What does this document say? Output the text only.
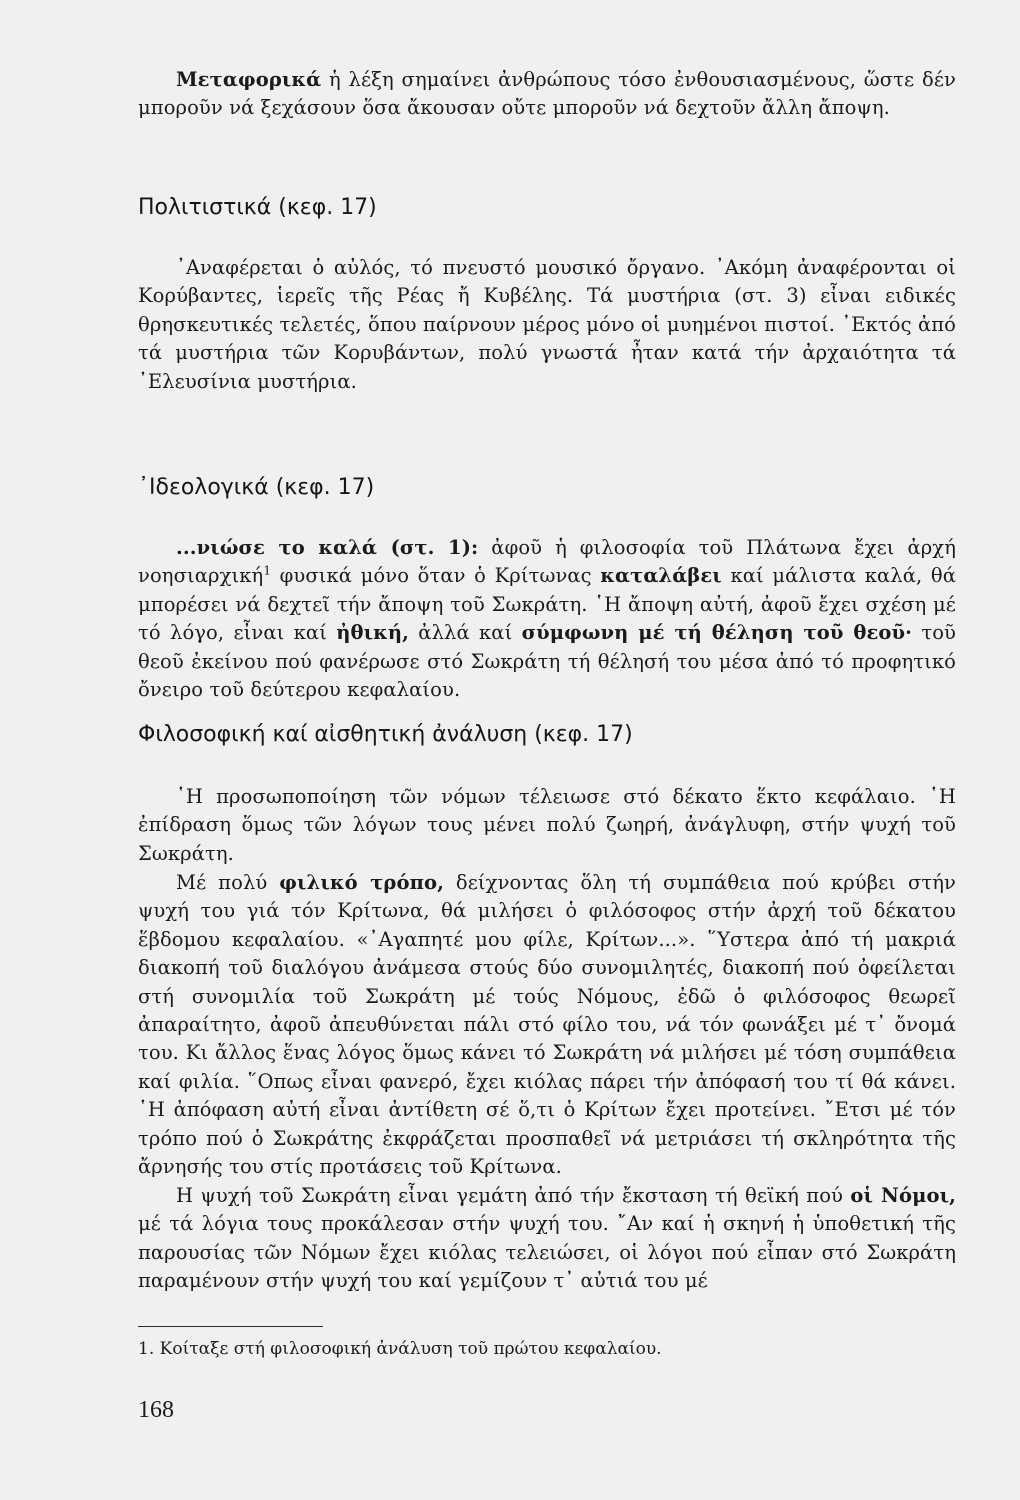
Μεταφορικά ἡ λέξη σημαίνει ἀνθρώπους τόσο ἐνθουσιασμένους, ὥστε δέν μποροῦν νά ξεχάσουν ὅσα ἄκουσαν οὔτε μποροῦν νά δεχτοῦν ἄλλη ἄποψη.

Πολιτιστικά (κεφ. 17)

᾿Αναφέρεται ὁ αὐλός, τό πνευστό μουσικό ὄργανο. ᾿Ακόμη ἀναφέρονται οἱ Κορύβαντες, ἱερεῖς τῆς Ρέας ἤ Κυβέλης. Τά μυστήρια (στ. 3) εἶναι ειδικές θρησκευτικές τελετές, ὅπου παίρνουν μέρος μόνο οἱ μυημένοι πιστοί. ᾿Εκτός ἀπό τά μυστήρια τῶν Κορυβάντων, πολύ γνωστά ἦταν κατά τήν ἀρχαιότητα τά ᾿Ελευσίνια μυστήρια.

᾿Ιδεολογικά (κεφ. 17)

...νιώσε το καλά (στ. 1): ἀφοῦ ἡ φιλοσοφία τοῦ Πλάτωνα ἔχει ἀρχή νοησιαρχική$^1$ φυσικά μόνο ὅταν ὁ Κρίτωνας καταλάβει καί μάλιστα καλά, θά μπορέσει νά δεχτεῖ τήν ἄποψη τοῦ Σωκράτη. ῾Η ἄποψη αὐτή, ἀφοῦ ἔχει σχέση μέ τό λόγο, εἶναι καί ἠθική, ἀλλά καί σύμφωνη μέ τή θέληση τοῦ θεοῦ· τοῦ θεοῦ ἐκείνου πού φανέρωσε στό Σωκράτη τή θέλησή του μέσα ἀπό τό προφητικό ὄνειρο τοῦ δεύτερου κεφαλαίου.

Φιλοσοφική καί αἰσθητική ἀνάλυση (κεφ. 17)

῾Η προσωποποίηση τῶν νόμων τέλειωσε στό δέκατο ἕκτο κεφάλαιο. ῾Η ἐπίδραση ὅμως τῶν λόγων τους μένει πολύ ζωηρή, ἀνάγλυφη, στήν ψυχή τοῦ Σωκράτη.

Μέ πολύ φιλικό τρόπο, δείχνοντας ὅλη τή συμπάθεια πού κρύβει στήν ψυχή του γιά τόν Κρίτωνα, θά μιλήσει ὁ φιλόσοφος στήν ἀρχή τοῦ δέκατου ἕβδομου κεφαλαίου. «᾿Αγαπητέ μου φίλε, Κρίτων...». ῞Υστερα ἀπό τή μακριά διακοπή τοῦ διαλόγου ἀνάμεσα στούς δύο συνομιλητές, διακοπή πού ὀφείλεται στή συνομιλία τοῦ Σωκράτη μέ τούς Νόμους, ἐδῶ ὁ φιλόσοφος θεωρεῖ ἀπαραίτητο, ἀφοῦ ἀπευθύνεται πάλι στό φίλο του, νά τόν φωνάξει μέ τ᾿ ὄνομά του. Κι ἄλλος ἕνας λόγος ὅμως κάνει τό Σωκράτη νά μιλήσει μέ τόση συμπάθεια καί φιλία. ῞Οπως εἶναι φανερό, ἔχει κιόλας πάρει τήν ἀπόφασή του τί θά κάνει. ῾Η ἀπόφαση αὐτή εἶναι ἀντίθετη σέ ὅ,τι ὁ Κρίτων ἔχει προτείνει. ῎Ετσι μέ τόν τρόπο πού ὁ Σωκράτης ἐκφράζεται προσπαθεῖ νά μετριάσει τή σκληρότητα τῆς ἄρνησής του στίς προτάσεις τοῦ Κρίτωνα.

Η ψυχή τοῦ Σωκράτη εἶναι γεμάτη ἀπό τήν ἔκσταση τή θεϊκή πού οἱ Νόμοι, μέ τά λόγια τους προκάλεσαν στήν ψυχή του. ῎Αν καί ἡ σκηνή ἡ ὑποθετική τῆς παρουσίας τῶν Νόμων ἔχει κιόλας τελειώσει, οἱ λόγοι πού εἶπαν στό Σωκράτη παραμένουν στήν ψυχή του καί γεμίζουν τ᾿ αὐτιά του μέ

1. Κοίταξε στή φιλοσοφική ἀνάλυση τοῦ πρώτου κεφαλαίου.
168
